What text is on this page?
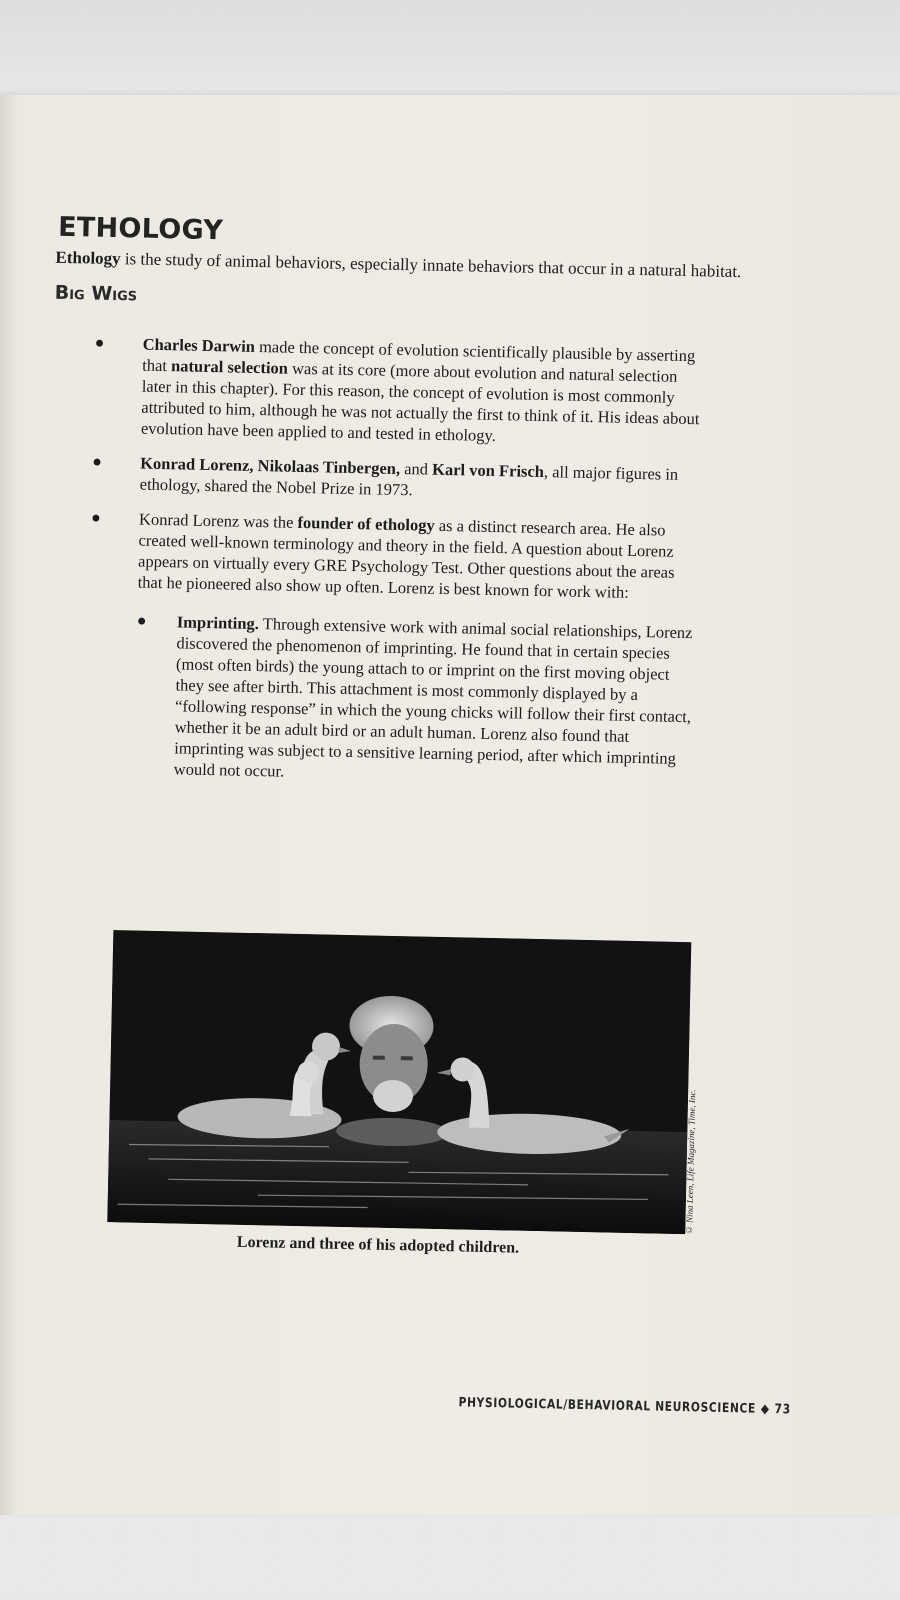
ETHOLOGY
Ethology is the study of animal behaviors, especially innate behaviors that occur in a natural habitat.
Big Wigs
● Charles Darwin made the concept of evolution scientifically plausible by asserting that natural selection was at its core (more about evolution and natural selection later in this chapter). For this reason, the concept of evolution is most commonly attributed to him, although he was not actually the first to think of it. His ideas about evolution have been applied to and tested in ethology.
● Konrad Lorenz, Nikolaas Tinbergen, and Karl von Frisch, all major figures in ethology, shared the Nobel Prize in 1973.
● Konrad Lorenz was the founder of ethology as a distinct research area. He also created well-known terminology and theory in the field. A question about Lorenz appears on virtually every GRE Psychology Test. Other questions about the areas that he pioneered also show up often. Lorenz is best known for work with:
● Imprinting. Through extensive work with animal social relationships, Lorenz discovered the phenomenon of imprinting. He found that in certain species (most often birds) the young attach to or imprint on the first moving object they see after birth. This attachment is most commonly displayed by a “following response” in which the young chicks will follow their first contact, whether it be an adult bird or an adult human. Lorenz also found that imprinting was subject to a sensitive learning period, after which imprinting would not occur.
© Nina Leen, Life Magazine, Time, Inc.
Lorenz and three of his adopted children.
PHYSIOLOGICAL/BEHAVIORAL NEUROSCIENCE ◆ 73
